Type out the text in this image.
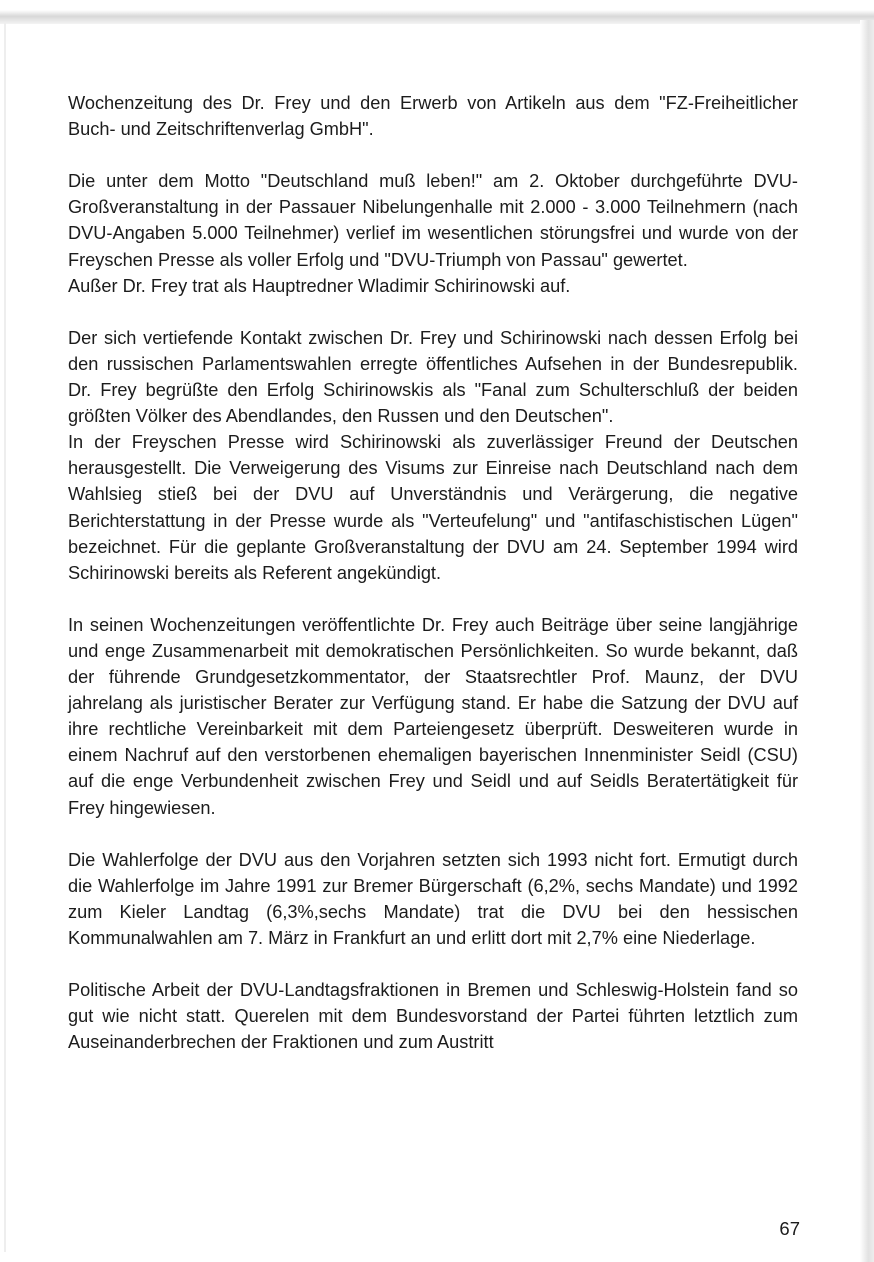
Wochenzeitung des Dr. Frey und den Erwerb von Artikeln aus dem "FZ-Freiheitlicher Buch- und Zeitschriftenverlag GmbH".

Die unter dem Motto "Deutschland muß leben!" am 2. Oktober durchgeführte DVU-Großveranstaltung in der Passauer Nibelungenhalle mit 2.000 - 3.000 Teilnehmern (nach DVU-Angaben 5.000 Teilnehmer) verlief im wesentlichen störungsfrei und wurde von der Freyschen Presse als voller Erfolg und "DVU-Triumph von Passau" gewertet.

Außer Dr. Frey trat als Hauptredner Wladimir Schirinowski auf.

Der sich vertiefende Kontakt zwischen Dr. Frey und Schirinowski nach dessen Erfolg bei den russischen Parlamentswahlen erregte öffentliches Aufsehen in der Bundesrepublik. Dr. Frey begrüßte den Erfolg Schirinowskis als "Fanal zum Schulterschluß der beiden größten Völker des Abendlandes, den Russen und den Deutschen".

In der Freyschen Presse wird Schirinowski als zuverlässiger Freund der Deutschen herausgestellt. Die Verweigerung des Visums zur Einreise nach Deutschland nach dem Wahlsieg stieß bei der DVU auf Unverständnis und Verärgerung, die negative Berichterstattung in der Presse wurde als "Verteufelung" und "antifaschistischen Lügen" bezeichnet. Für die geplante Großveranstaltung der DVU am 24. September 1994 wird Schirinowski bereits als Referent angekündigt.

In seinen Wochenzeitungen veröffentlichte Dr. Frey auch Beiträge über seine langjährige und enge Zusammenarbeit mit demokratischen Persönlichkeiten. So wurde bekannt, daß der führende Grundgesetzkommentator, der Staatsrechtler Prof. Maunz, der DVU jahrelang als juristischer Berater zur Verfügung stand. Er habe die Satzung der DVU auf ihre rechtliche Vereinbarkeit mit dem Parteiengesetz überprüft. Desweiteren wurde in einem Nachruf auf den verstorbenen ehemaligen bayerischen Innenminister Seidl (CSU) auf die enge Verbundenheit zwischen Frey und Seidl und auf Seidls Beratertätigkeit für Frey hingewiesen.

Die Wahlerfolge der DVU aus den Vorjahren setzten sich 1993 nicht fort. Ermutigt durch die Wahlerfolge im Jahre 1991 zur Bremer Bürgerschaft (6,2%, sechs Mandate) und 1992 zum Kieler Landtag (6,3%,sechs Mandate) trat die DVU bei den hessischen Kommunalwahlen am 7. März in Frankfurt an und erlitt dort mit 2,7% eine Niederlage.

Politische Arbeit der DVU-Landtagsfraktionen in Bremen und Schleswig-Holstein fand so gut wie nicht statt. Querelen mit dem Bundesvorstand der Partei führten letztlich zum Auseinanderbrechen der Fraktionen und zum Austritt

67
